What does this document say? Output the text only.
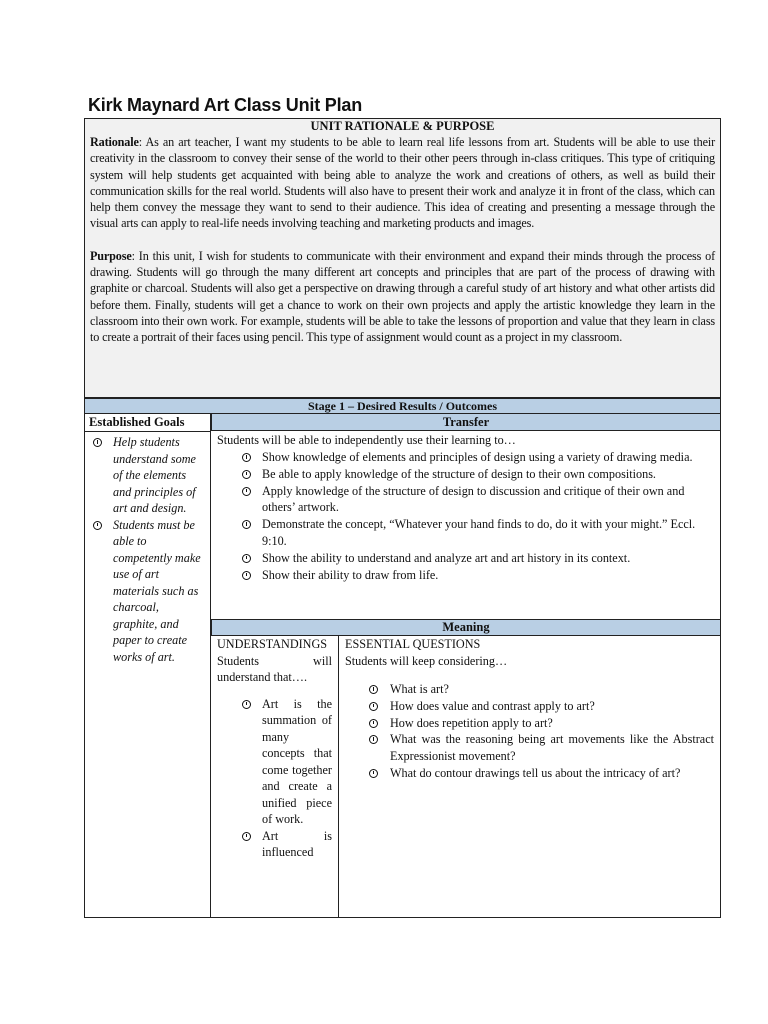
Kirk Maynard Art Class Unit Plan
UNIT RATIONALE & PURPOSE

Rationale: As an art teacher, I want my students to be able to learn real life lessons from art. Students will be able to use their creativity in the classroom to convey their sense of the world to their other peers through in-class critiques. This type of critiquing system will help students get acquainted with being able to analyze the work and creations of others, as well as build their communication skills for the real world. Students will also have to present their work and analyze it in front of the class, which can help them convey the message they want to send to their audience. This idea of creating and presenting a message through the visual arts can apply to real-life needs involving teaching and marketing products and images.

Purpose: In this unit, I wish for students to communicate with their environment and expand their minds through the process of drawing. Students will go through the many different art concepts and principles that are part of the process of drawing with graphite or charcoal. Students will also get a perspective on drawing through a careful study of art history and what other artists did before them. Finally, students will get a chance to work on their own projects and apply the artistic knowledge they learn in the classroom into their own work. For example, students will be able to take the lessons of proportion and value that they learn in class to create a portrait of their faces using pencil. This type of assignment would count as a project in my classroom.

Stage 1 – Desired Results / Outcomes
Established Goals
Help students understand some of the elements and principles of art and design.
Students must be able to competently make use of art materials such as charcoal, graphite, and paper to create works of art.
Transfer

Students will be able to independently use their learning to…

Show knowledge of elements and principles of design using a variety of drawing media.
Be able to apply knowledge of the structure of design to their own compositions.
Apply knowledge of the structure of design to discussion and critique of their own and others’ artwork.
Demonstrate the concept, “Whatever your hand finds to do, do it with your might.” Eccl. 9:10.
Show the ability to understand and analyze art and art history in its context.
Show their ability to draw from life.
Meaning

UNDERSTANDINGS

Students will understand that….

Art is the summation of many concepts that come together and create a unified piece of work.
Art is influenced

ESSENTIAL QUESTIONS

Students will keep considering…

What is art?
How does value and contrast apply to art?
How does repetition apply to art?
What was the reasoning being art movements like the Abstract Expressionist movement?
What do contour drawings tell us about the intricacy of art?
